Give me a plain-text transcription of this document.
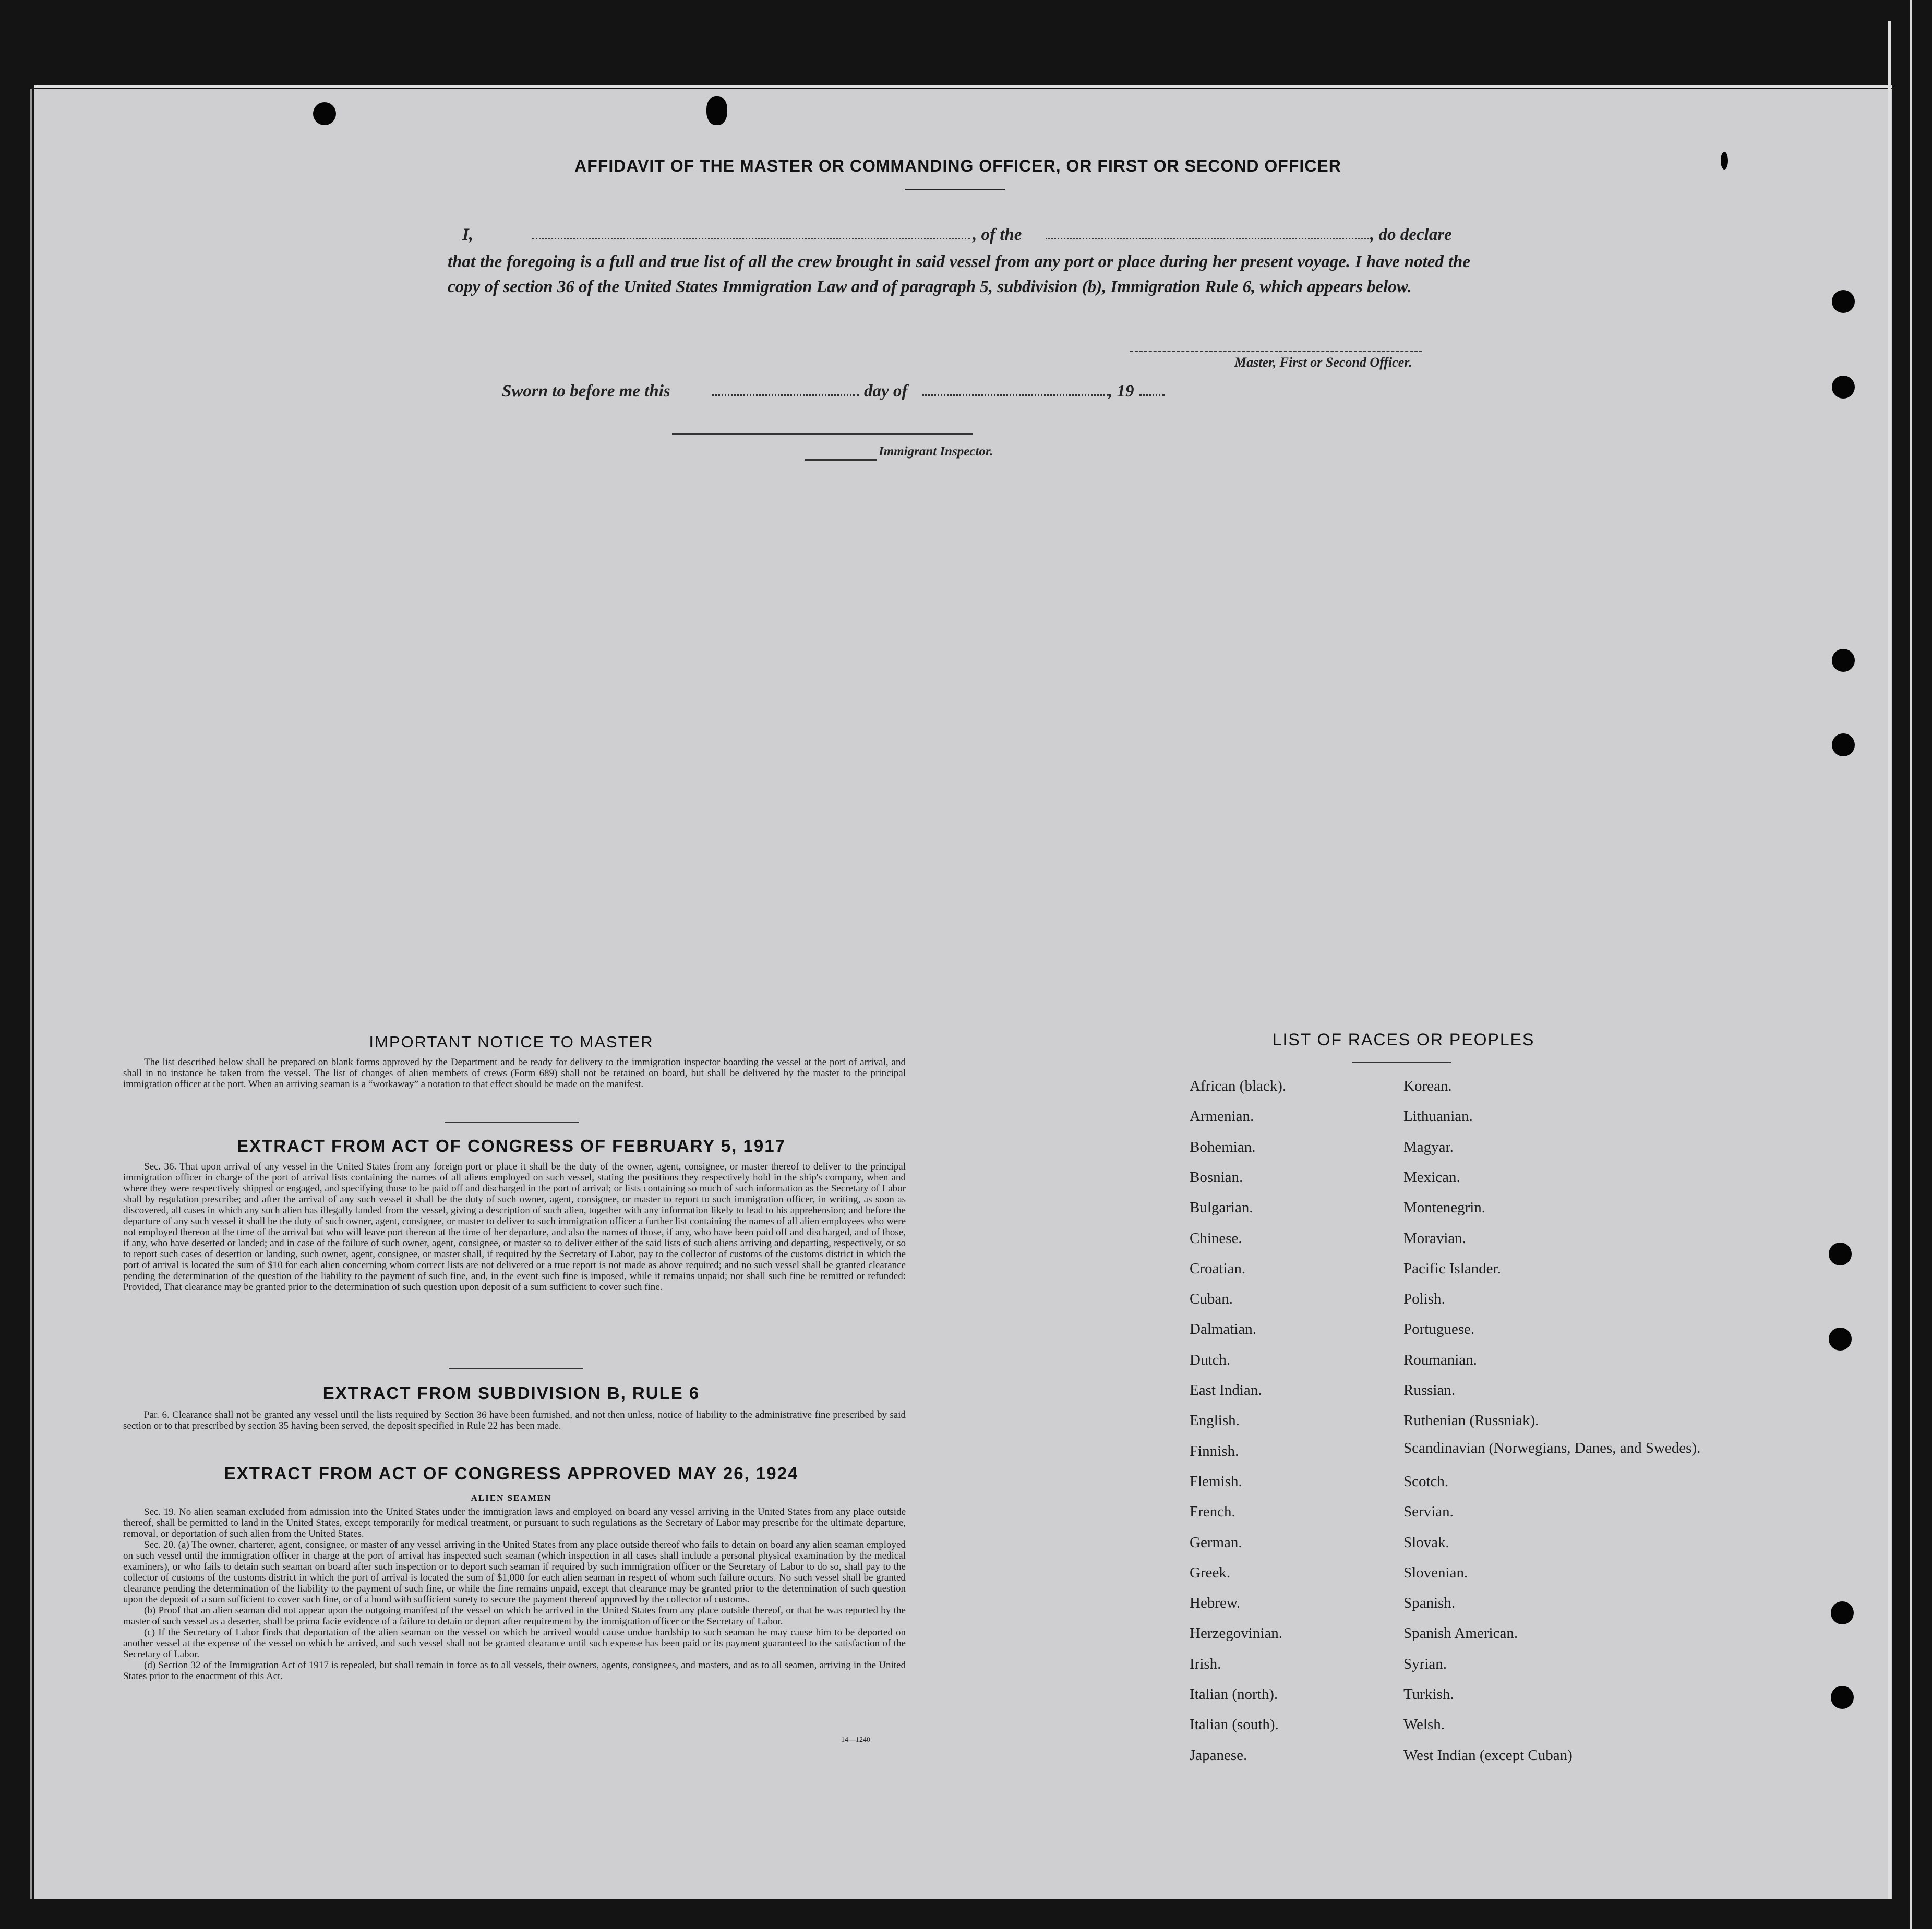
AFFIDAVIT OF THE MASTER OR COMMANDING OFFICER, OR FIRST OR SECOND OFFICER
I,	, of the	, do declare
that the foregoing is a full and true list of all the crew brought in said vessel from any port or place during her present voyage. I have noted the copy of section 36 of the United States Immigration Law and of paragraph 5, subdivision (b), Immigration Rule 6, which appears below.
Master, First or Second Officer.
Sworn to before me this	day of	, 19
Immigrant Inspector.
IMPORTANT NOTICE TO MASTER
The list described below shall be prepared on blank forms approved by the Department and be ready for delivery to the immigration inspector boarding the vessel at the port of arrival, and shall in no instance be taken from the vessel. The list of changes of alien members of crews (Form 689) shall not be retained on board, but shall be delivered by the master to the principal immigration officer at the port. When an arriving seaman is a “workaway” a notation to that effect should be made on the manifest.
EXTRACT FROM ACT OF CONGRESS OF FEBRUARY 5, 1917
Sec. 36. That upon arrival of any vessel in the United States from any foreign port or place it shall be the duty of the owner, agent, consignee, or master thereof to deliver to the principal immigration officer in charge of the port of arrival lists containing the names of all aliens employed on such vessel, stating the positions they respectively hold in the ship's company, when and where they were respectively shipped or engaged, and specifying those to be paid off and discharged in the port of arrival; or lists containing so much of such information as the Secretary of Labor shall by regulation prescribe; and after the arrival of any such vessel it shall be the duty of such owner, agent, consignee, or master to report to such immigration officer, in writing, as soon as discovered, all cases in which any such alien has illegally landed from the vessel, giving a description of such alien, together with any information likely to lead to his apprehension; and before the departure of any such vessel it shall be the duty of such owner, agent, consignee, or master to deliver to such immigration officer a further list containing the names of all alien employees who were not employed thereon at the time of the arrival but who will leave port thereon at the time of her departure, and also the names of those, if any, who have been paid off and discharged, and of those, if any, who have deserted or landed; and in case of the failure of such owner, agent, consignee, or master so to deliver either of the said lists of such aliens arriving and departing, respectively, or so to report such cases of desertion or landing, such owner, agent, consignee, or master shall, if required by the Secretary of Labor, pay to the collector of customs of the customs district in which the port of arrival is located the sum of $10 for each alien concerning whom correct lists are not delivered or a true report is not made as above required; and no such vessel shall be granted clearance pending the determination of the question of the liability to the payment of such fine, and, in the event such fine is imposed, while it remains unpaid; nor shall such fine be remitted or refunded: Provided, That clearance may be granted prior to the determination of such question upon deposit of a sum sufficient to cover such fine.
EXTRACT FROM SUBDIVISION B, RULE 6
Par. 6. Clearance shall not be granted any vessel until the lists required by Section 36 have been furnished, and not then unless, notice of liability to the administrative fine prescribed by said section or to that prescribed by section 35 having been served, the deposit specified in Rule 22 has been made.
EXTRACT FROM ACT OF CONGRESS APPROVED MAY 26, 1924
ALIEN SEAMEN

Sec. 19. No alien seaman excluded from admission into the United States under the immigration laws and employed on board any vessel arriving in the United States from any place outside thereof, shall be permitted to land in the United States, except temporarily for medical treatment, or pursuant to such regulations as the Secretary of Labor may prescribe for the ultimate departure, removal, or deportation of such alien from the United States.

Sec. 20. (a) The owner, charterer, agent, consignee, or master of any vessel arriving in the United States from any place outside thereof who fails to detain on board any alien seaman employed on such vessel until the immigration officer in charge at the port of arrival has inspected such seaman (which inspection in all cases shall include a personal physical examination by the medical examiners), or who fails to detain such seaman on board after such inspection or to deport such seaman if required by such immigration officer or the Secretary of Labor to do so, shall pay to the collector of customs of the customs district in which the port of arrival is located the sum of $1,000 for each alien seaman in respect of whom such failure occurs. No such vessel shall be granted clearance pending the determination of the liability to the payment of such fine, or while the fine remains unpaid, except that clearance may be granted prior to the determination of such question upon the deposit of a sum sufficient to cover such fine, or of a bond with sufficient surety to secure the payment thereof approved by the collector of customs.

(b) Proof that an alien seaman did not appear upon the outgoing manifest of the vessel on which he arrived in the United States from any place outside thereof, or that he was reported by the master of such vessel as a deserter, shall be prima facie evidence of a failure to detain or deport after requirement by the immigration officer or the Secretary of Labor.

(c) If the Secretary of Labor finds that deportation of the alien seaman on the vessel on which he arrived would cause undue hardship to such seaman he may cause him to be deported on another vessel at the expense of the vessel on which he arrived, and such vessel shall not be granted clearance until such expense has been paid or its payment guaranteed to the satisfaction of the Secretary of Labor.

(d) Section 32 of the Immigration Act of 1917 is repealed, but shall remain in force as to all vessels, their owners, agents, consignees, and masters, and as to all seamen, arriving in the United States prior to the enactment of this Act.

14—1240
LIST OF RACES OR PEOPLES
African (black).
Armenian.
Bohemian.
Bosnian.
Bulgarian.
Chinese.
Croatian.
Cuban.
Dalmatian.
Dutch.
East Indian.
English.
Finnish.
Flemish.
French.
German.
Greek.
Hebrew.
Herzegovinian.
Irish.
Italian (north).
Italian (south).
Japanese.
Korean.
Lithuanian.
Magyar.
Mexican.
Montenegrin.
Moravian.
Pacific Islander.
Polish.
Portuguese.
Roumanian.
Russian.
Ruthenian (Russniak).
Scandinavian (Norwegians, Danes, and Swedes).
Scotch.
Servian.
Slovak.
Slovenian.
Spanish.
Spanish American.
Syrian.
Turkish.
Welsh.
West Indian (except Cuban)
